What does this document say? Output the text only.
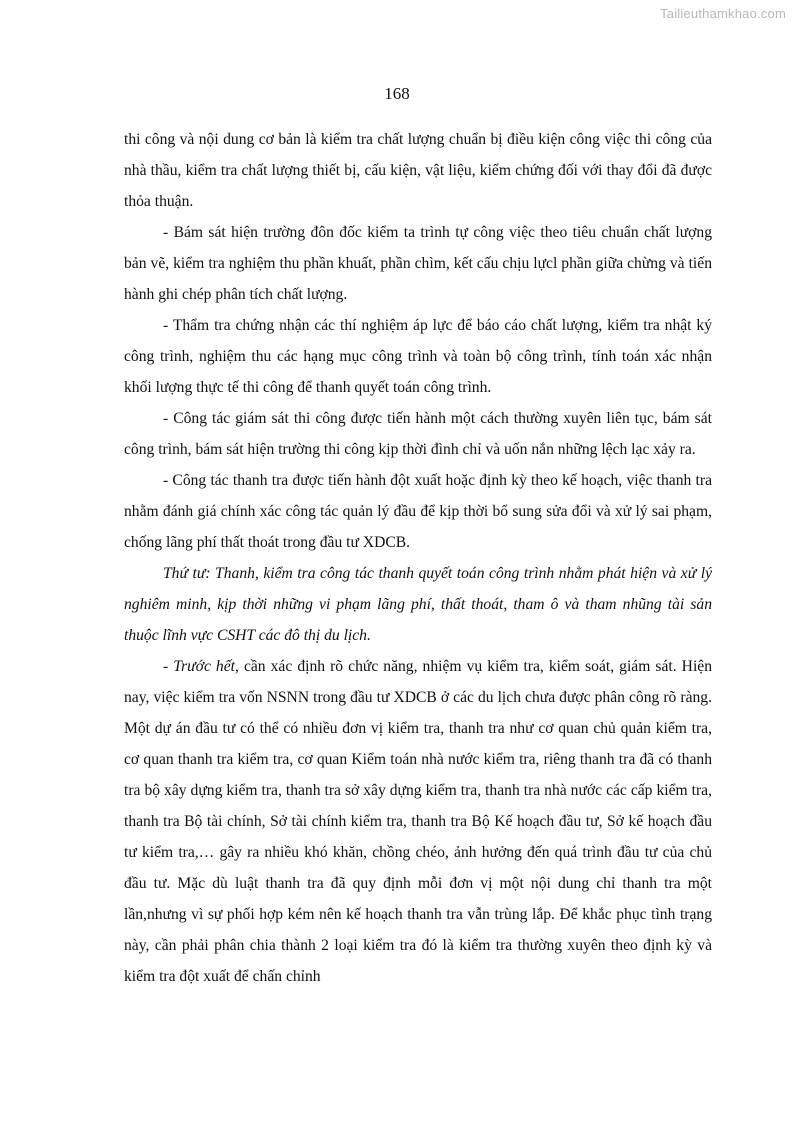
Tailieuthamkhao.com
168

thi công và nội dung cơ bản là kiểm tra chất lượng chuẩn bị điều kiện công việc thi công của nhà thầu, kiểm tra chất lượng thiết bị, cấu kiện, vật liệu, kiểm chứng đối với thay đổi đã được thỏa thuận.

- Bám sát hiện trường đôn đốc kiểm ta trình tự công việc theo tiêu chuẩn chất lượng bản vẽ, kiểm tra nghiệm thu phần khuất, phần chìm, kết cấu chịu lựcl phần giữa chừng và tiến hành ghi chép phân tích chất lượng.

- Thẩm tra chứng nhận các thí nghiệm áp lực để báo cáo chất lượng, kiểm tra nhật ký công trình, nghiệm thu các hạng mục công trình và toàn bộ công trình, tính toán xác nhận khối lượng thực tế thi công để thanh quyết toán công trình.

- Công tác giám sát thi công được tiến hành một cách thường xuyên liên tục, bám sát công trình, bám sát hiện trường thi công kịp thời đình chỉ và uốn nắn những lệch lạc xảy ra.

- Công tác thanh tra được tiến hành đột xuất hoặc định kỳ theo kế hoạch, việc thanh tra nhằm đánh giá chính xác công tác quản lý đầu để kịp thời bổ sung sửa đổi và xử lý sai phạm, chống lãng phí thất thoát trong đầu tư XDCB.

Thứ tư: Thanh, kiểm tra công tác thanh quyết toán công trình nhằm phát hiện và xử lý nghiêm minh, kịp thời những vi phạm lãng phí, thất thoát, tham ô và tham nhũng tài sản thuộc lĩnh vực CSHT các đô thị du lịch.

- Trước hết, cần xác định rõ chức năng, nhiệm vụ kiểm tra, kiểm soát, giám sát. Hiện nay, việc kiểm tra vốn NSNN trong đầu tư XDCB ở các du lịch chưa được phân công rõ ràng. Một dự án đầu tư có thể có nhiều đơn vị kiểm tra, thanh tra như cơ quan chủ quản kiểm tra, cơ quan thanh tra kiểm tra, cơ quan Kiểm toán nhà nước kiểm tra, riêng thanh tra đã có thanh tra bộ xây dựng kiểm tra, thanh tra sở xây dựng kiểm tra, thanh tra nhà nước các cấp kiểm tra, thanh tra Bộ tài chính, Sở tài chính kiểm tra, thanh tra Bộ Kế hoạch đầu tư, Sở kế hoạch đầu tư kiểm tra,… gây ra nhiều khó khăn, chồng chéo, ảnh hưởng đến quá trình đầu tư của chủ đầu tư. Mặc dù luật thanh tra đã quy định mỗi đơn vị một nội dung chỉ thanh tra một lần,nhưng vì sự phối hợp kém nên kế hoạch thanh tra vẫn trùng lắp. Để khắc phục tình trạng này, cần phải phân chia thành 2 loại kiểm tra đó là kiểm tra thường xuyên theo định kỳ và kiểm tra đột xuất để chấn chỉnh
